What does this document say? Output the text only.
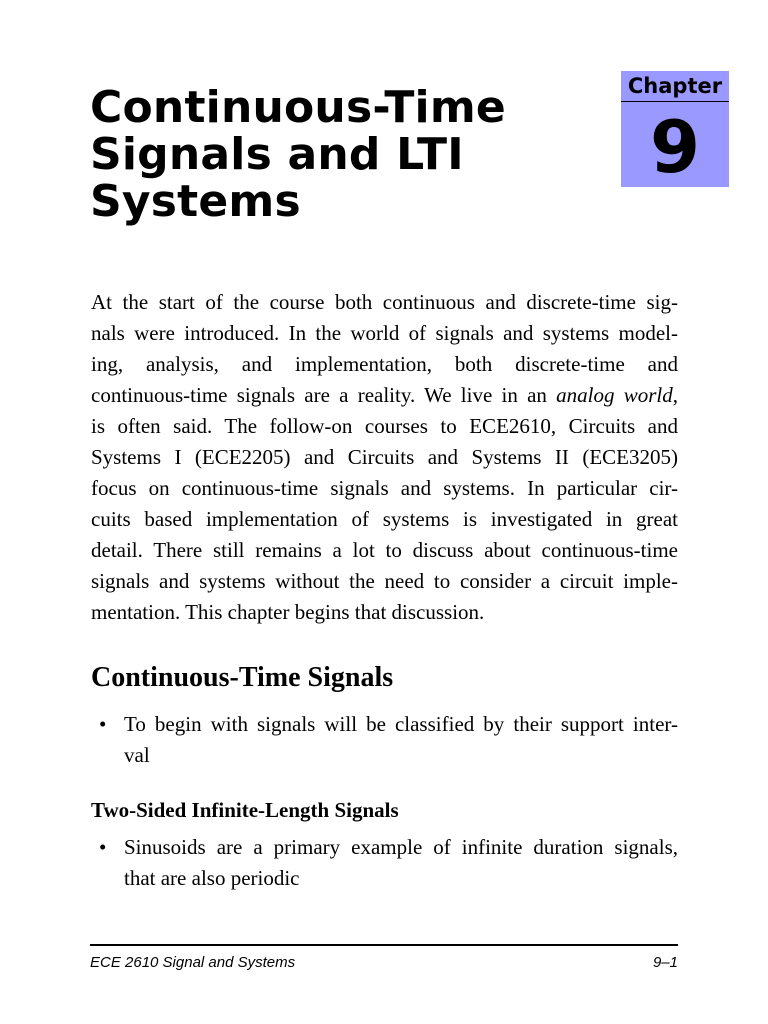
Continuous-Time
Signals and LTI
Systems
Chapter
9

At the start of the course both continuous and discrete-time sig-
nals were introduced. In the world of signals and systems model-
ing, analysis, and implementation, both discrete-time and
continuous-time signals are a reality. We live in an analog world,
is often said. The follow-on courses to ECE2610, Circuits and
Systems I (ECE2205) and Circuits and Systems II (ECE3205)
focus on continuous-time signals and systems. In particular cir-
cuits based implementation of systems is investigated in great
detail. There still remains a lot to discuss about continuous-time
signals and systems without the need to consider a circuit imple-
mentation. This chapter begins that discussion.

Continuous-Time Signals
• To begin with signals will be classified by their support inter-
val
Two-Sided Infinite-Length Signals
• Sinusoids are a primary example of infinite duration signals,
that are also periodic
ECE 2610 Signal and Systems	9–1
